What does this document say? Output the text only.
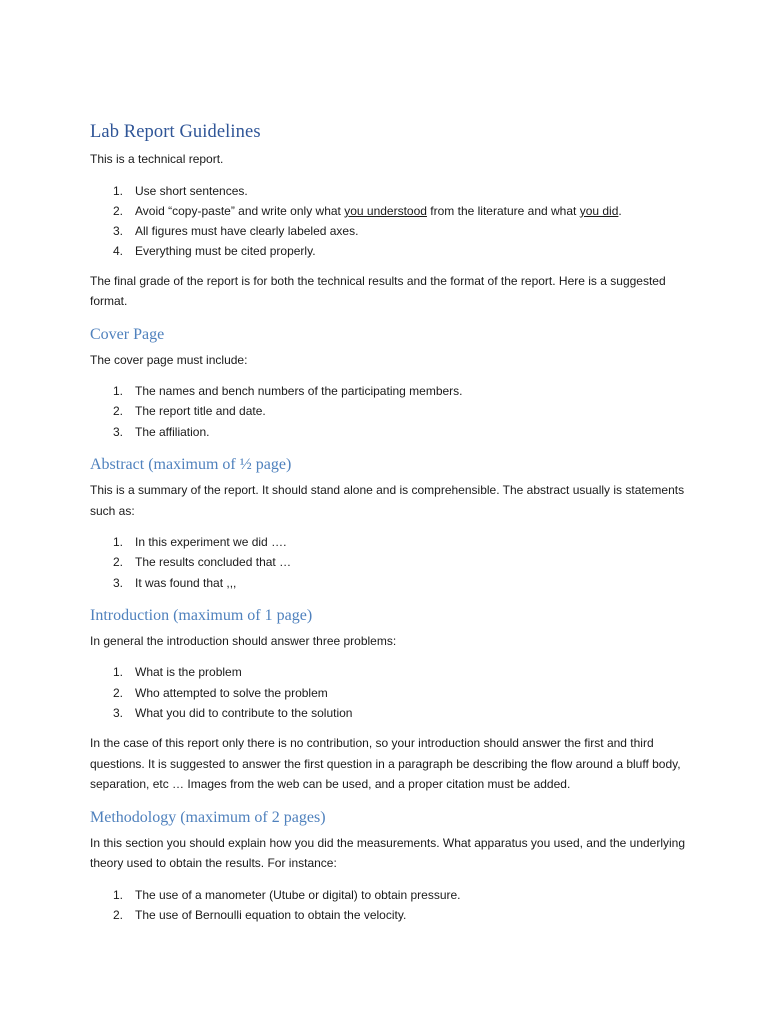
Lab Report Guidelines

This is a technical report.

1. Use short sentences.
2. Avoid “copy-paste” and write only what you understood from the literature and what you did.
3. All figures must have clearly labeled axes.
4. Everything must be cited properly.

The final grade of the report is for both the technical results and the format of the report. Here is a suggested format.

Cover Page

The cover page must include:

1. The names and bench numbers of the participating members.
2. The report title and date.
3. The affiliation.
Abstract (maximum of ½ page)

This is a summary of the report. It should stand alone and is comprehensible. The abstract usually is statements such as:

1. In this experiment we did ….
2. The results concluded that …
3. It was found that ,,,
Introduction (maximum of 1 page)

In general the introduction should answer three problems:

1. What is the problem
2. Who attempted to solve the problem
3. What you did to contribute to the solution

In the case of this report only there is no contribution, so your introduction should answer the first and third questions. It is suggested to answer the first question in a paragraph be describing the flow around a bluff body, separation, etc … Images from the web can be used, and a proper citation must be added.

Methodology (maximum of 2 pages)

In this section you should explain how you did the measurements. What apparatus you used, and the underlying theory used to obtain the results. For instance:

1. The use of a manometer (Utube or digital) to obtain pressure.
2. The use of Bernoulli equation to obtain the velocity.
